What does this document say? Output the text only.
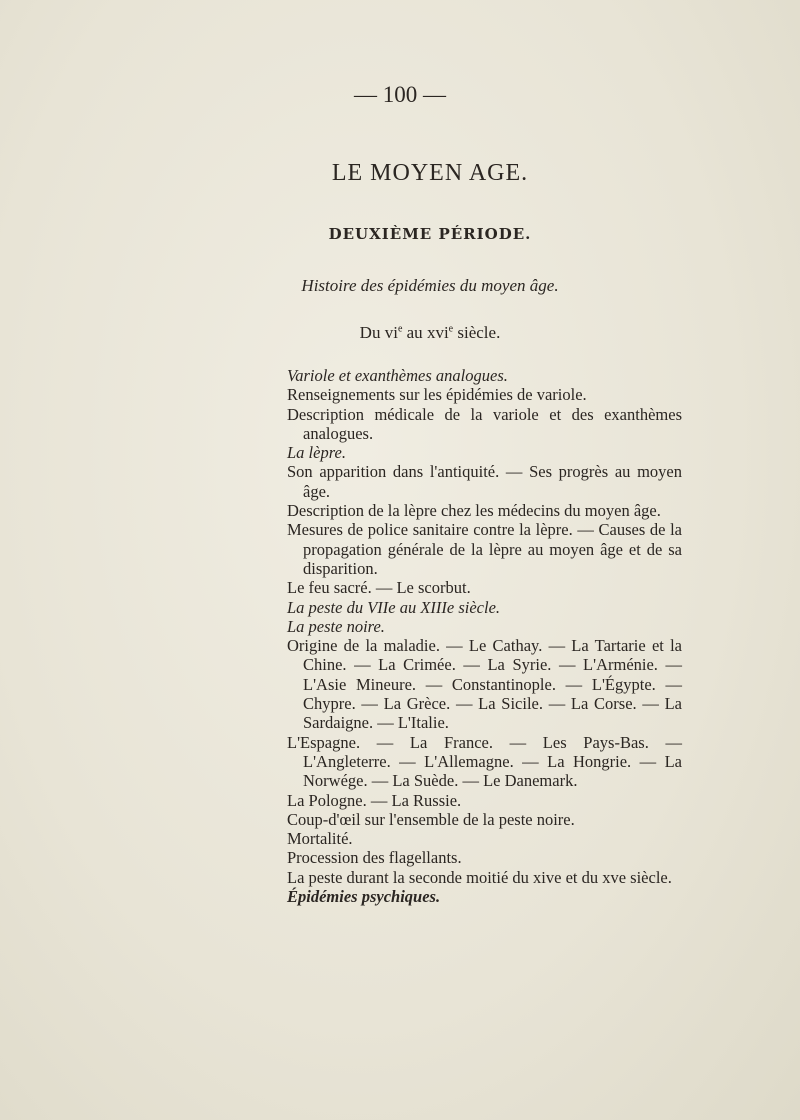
— 100 —
LE MOYEN AGE.
DEUXIÈME PÉRIODE.
Histoire des épidémies du moyen âge.
Du $vi^e$ au xvi$^e$ siècle.
Variole et exanthèmes analogues.
Renseignements sur les épidémies de variole.
Description médicale de la variole et des exanthèmes analogues.
La lèpre.
Son apparition dans l'antiquité. — Ses progrès au moyen âge.
Description de la lèpre chez les médecins du moyen âge.
Mesures de police sanitaire contre la lèpre. — Causes de la propagation générale de la lèpre au moyen âge et de sa disparition.
Le feu sacré. — Le scorbut.
La peste du VIIe au XIIIe siècle.
La peste noire.
Origine de la maladie. — Le Cathay. — La Tartarie et la Chine. — La Crimée. — La Syrie. — L'Arménie. — L'Asie Mineure. — Constantinople. — L'Égypte. — Chypre. — La Grèce. — La Sicile. — La Corse. — La Sardaigne. — L'Italie.
L'Espagne. — La France. — Les Pays-Bas. — L'Angleterre. — L'Allemagne. — La Hongrie. — La Norwége. — La Suède. — Le Danemark.
La Pologne. — La Russie.
Coup-d'œil sur l'ensemble de la peste noire.
Mortalité.
Procession des flagellants.
La peste durant la seconde moitié du xive et du xve siècle.
Épidémies psychiques.
